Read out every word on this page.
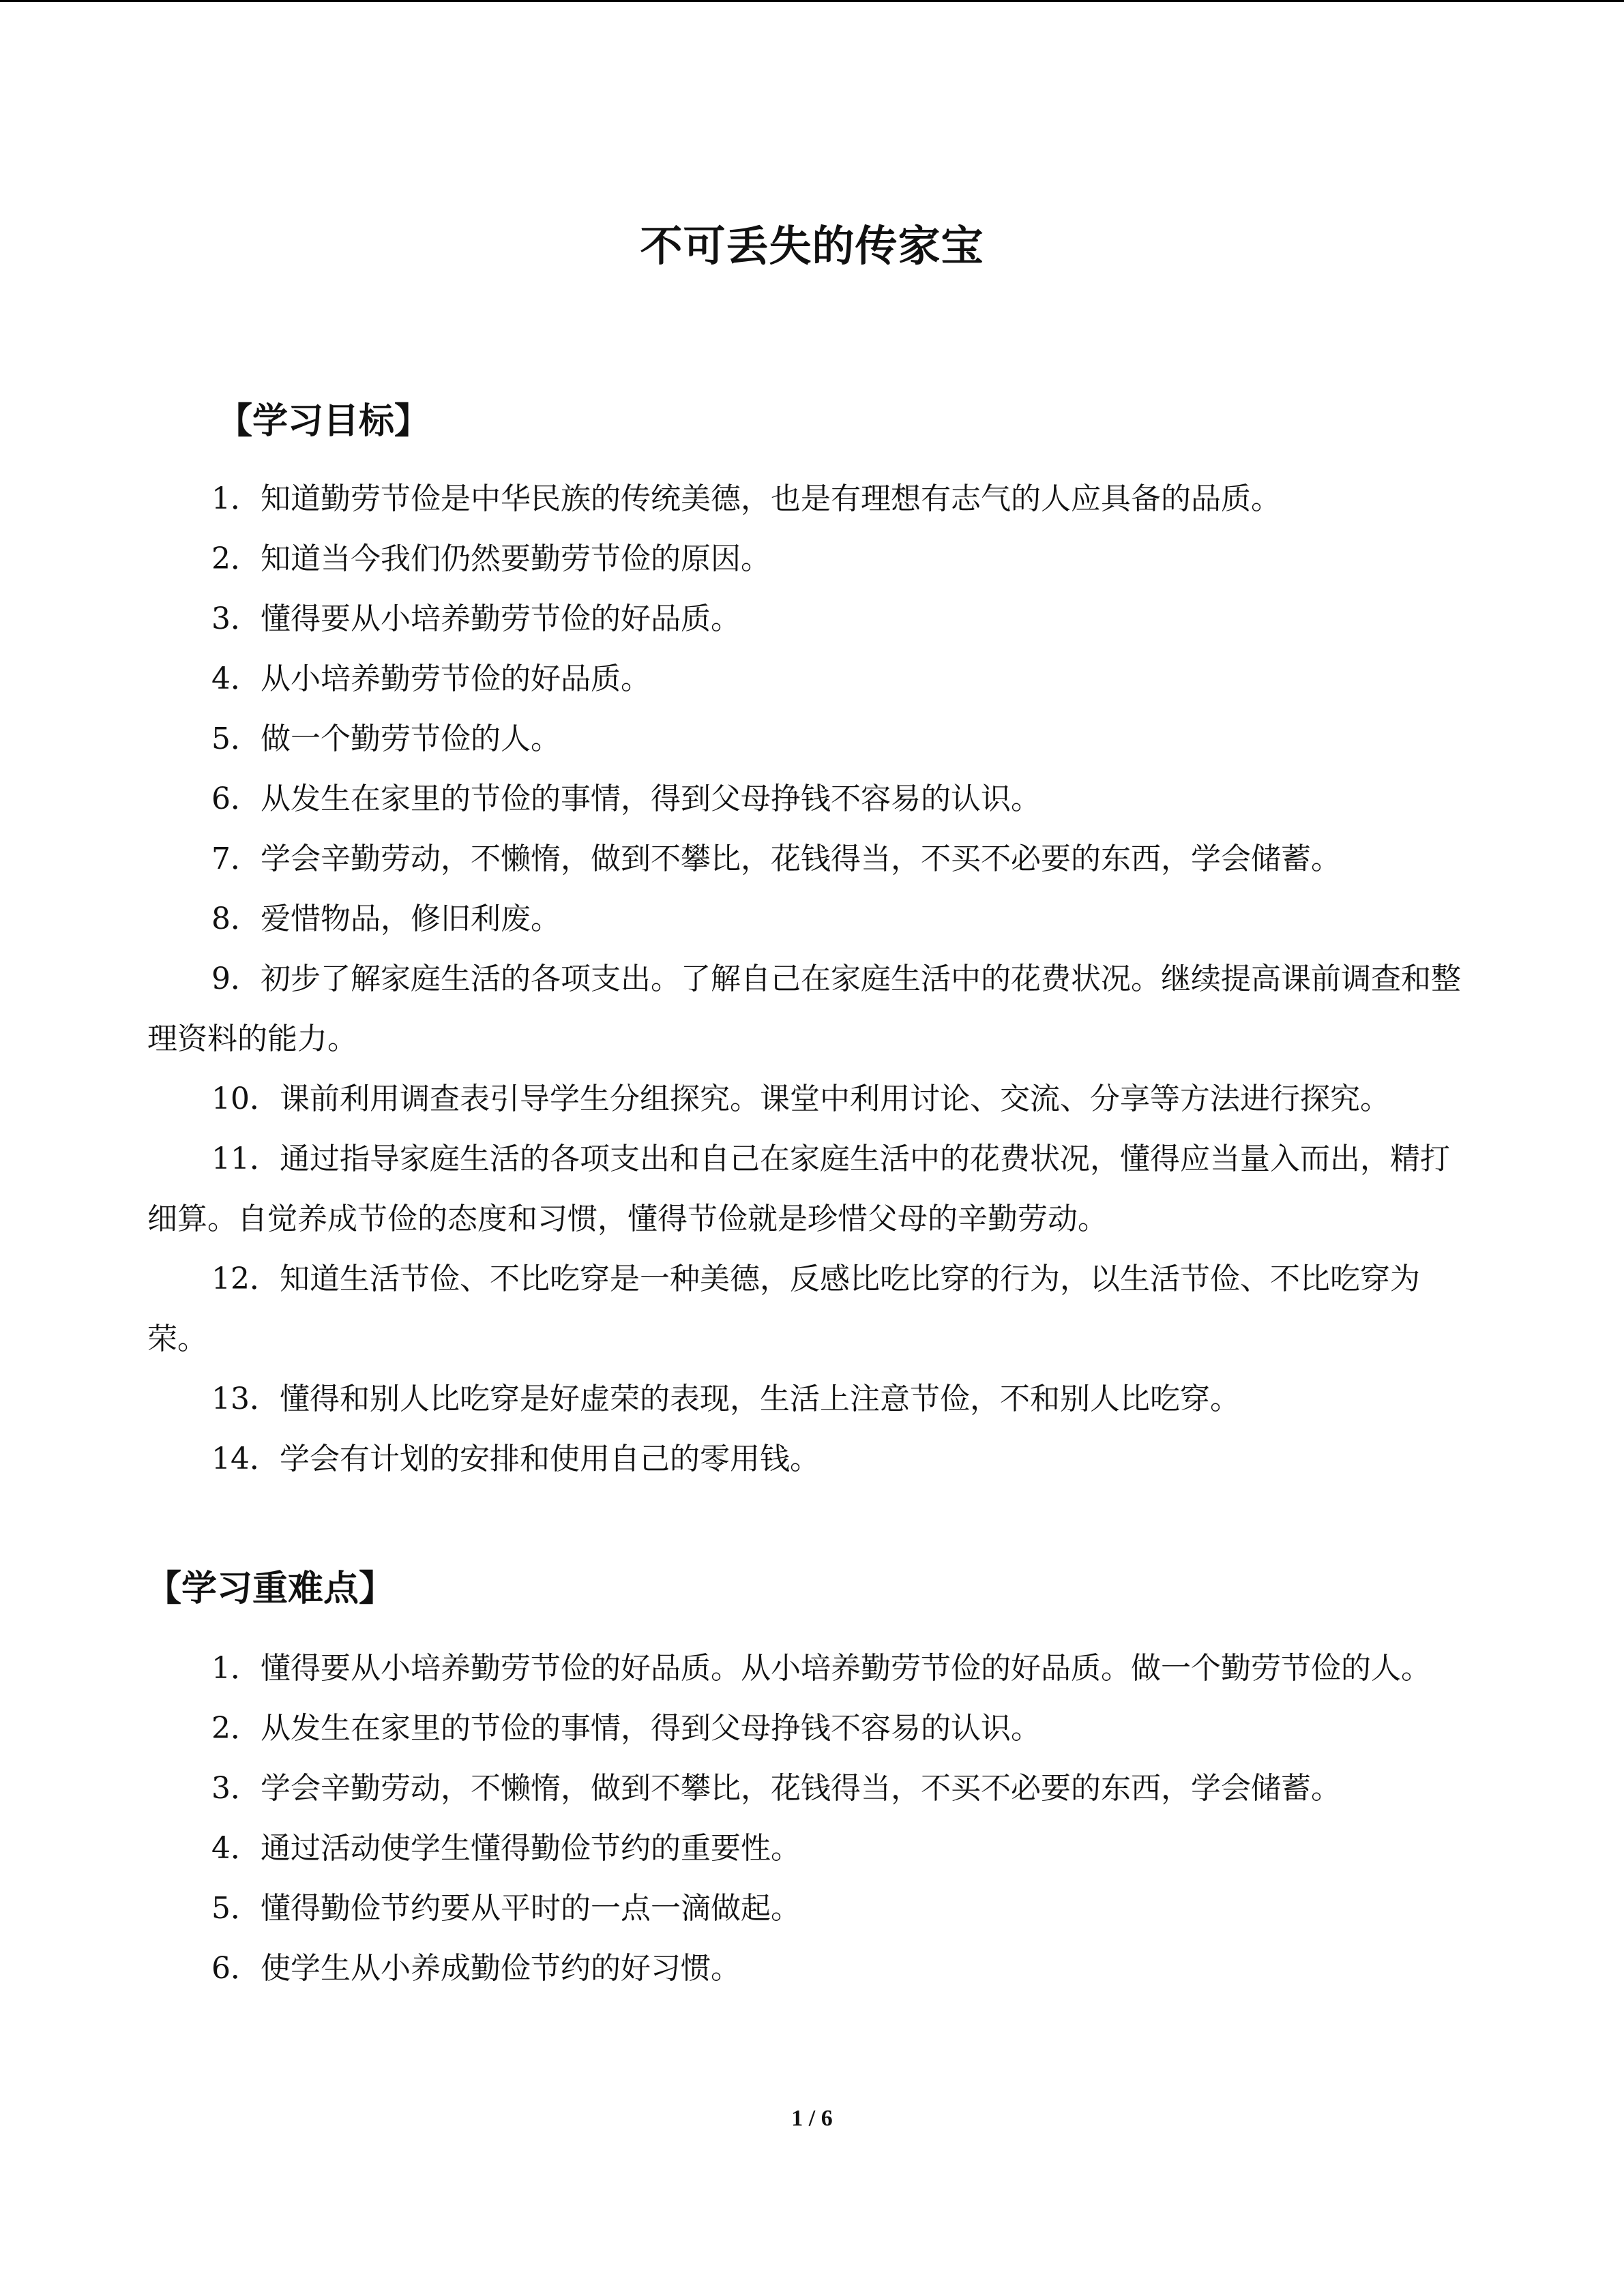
不可丢失的传家宝
【学习目标】
1．知道勤劳节俭是中华民族的传统美德，也是有理想有志气的人应具备的品质。
2．知道当今我们仍然要勤劳节俭的原因。
3．懂得要从小培养勤劳节俭的好品质。
4．从小培养勤劳节俭的好品质。
5．做一个勤劳节俭的人。
6．从发生在家里的节俭的事情，得到父母挣钱不容易的认识。
7．学会辛勤劳动，不懒惰，做到不攀比，花钱得当，不买不必要的东西，学会储蓄。
8．爱惜物品，修旧利废。
9．初步了解家庭生活的各项支出。了解自己在家庭生活中的花费状况。继续提高课前调查和整理资料的能力。
10．课前利用调查表引导学生分组探究。课堂中利用讨论、交流、分享等方法进行探究。
11．通过指导家庭生活的各项支出和自己在家庭生活中的花费状况，懂得应当量入而出，精打细算。自觉养成节俭的态度和习惯，懂得节俭就是珍惜父母的辛勤劳动。
12．知道生活节俭、不比吃穿是一种美德，反感比吃比穿的行为，以生活节俭、不比吃穿为荣。
13．懂得和别人比吃穿是好虚荣的表现，生活上注意节俭，不和别人比吃穿。
14．学会有计划的安排和使用自己的零用钱。
【学习重难点】
1．懂得要从小培养勤劳节俭的好品质。从小培养勤劳节俭的好品质。做一个勤劳节俭的人。
2．从发生在家里的节俭的事情，得到父母挣钱不容易的认识。
3．学会辛勤劳动，不懒惰，做到不攀比，花钱得当，不买不必要的东西，学会储蓄。
4．通过活动使学生懂得勤俭节约的重要性。
5．懂得勤俭节约要从平时的一点一滴做起。
6．使学生从小养成勤俭节约的好习惯。
1 / 6
